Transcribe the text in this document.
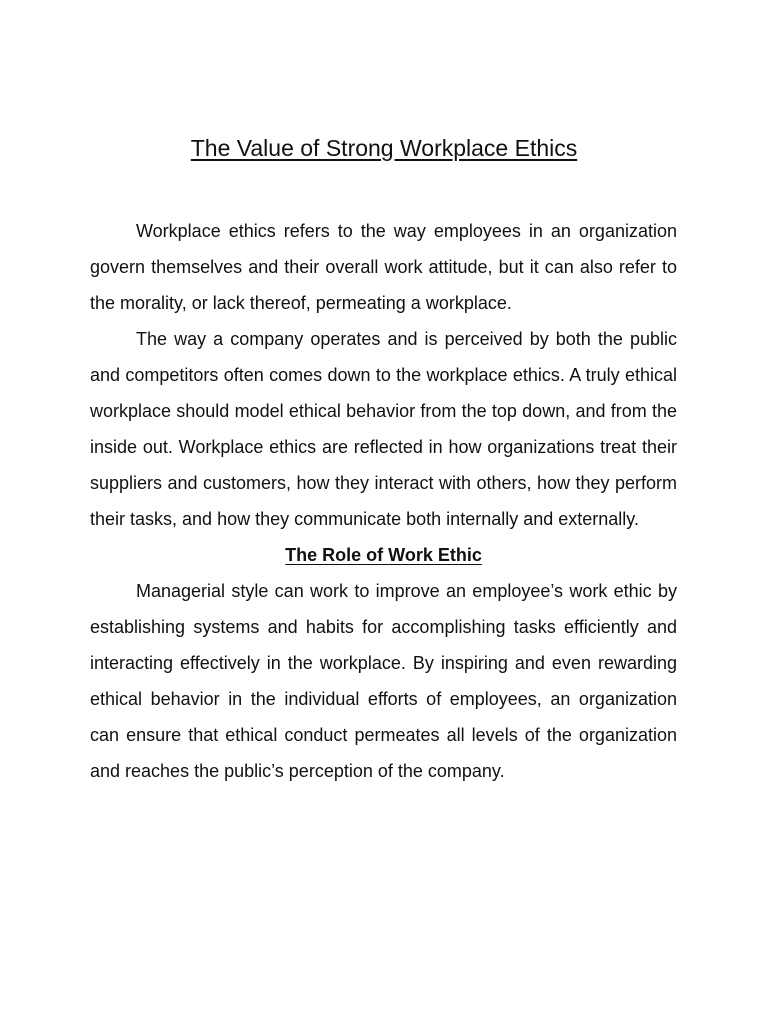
The Value of Strong Workplace Ethics

Workplace ethics refers to the way employees in an organization govern themselves and their overall work attitude, but it can also refer to the morality, or lack thereof, permeating a workplace.

The way a company operates and is perceived by both the public and competitors often comes down to the workplace ethics. A truly ethical workplace should model ethical behavior from the top down, and from the inside out. Workplace ethics are reflected in how organizations treat their suppliers and customers, how they interact with others, how they perform their tasks, and how they communicate both internally and externally.

The Role of Work Ethic

Managerial style can work to improve an employee’s work ethic by establishing systems and habits for accomplishing tasks efficiently and interacting effectively in the workplace. By inspiring and even rewarding ethical behavior in the individual efforts of employees, an organization can ensure that ethical conduct permeates all levels of the organization and reaches the public’s perception of the company.
